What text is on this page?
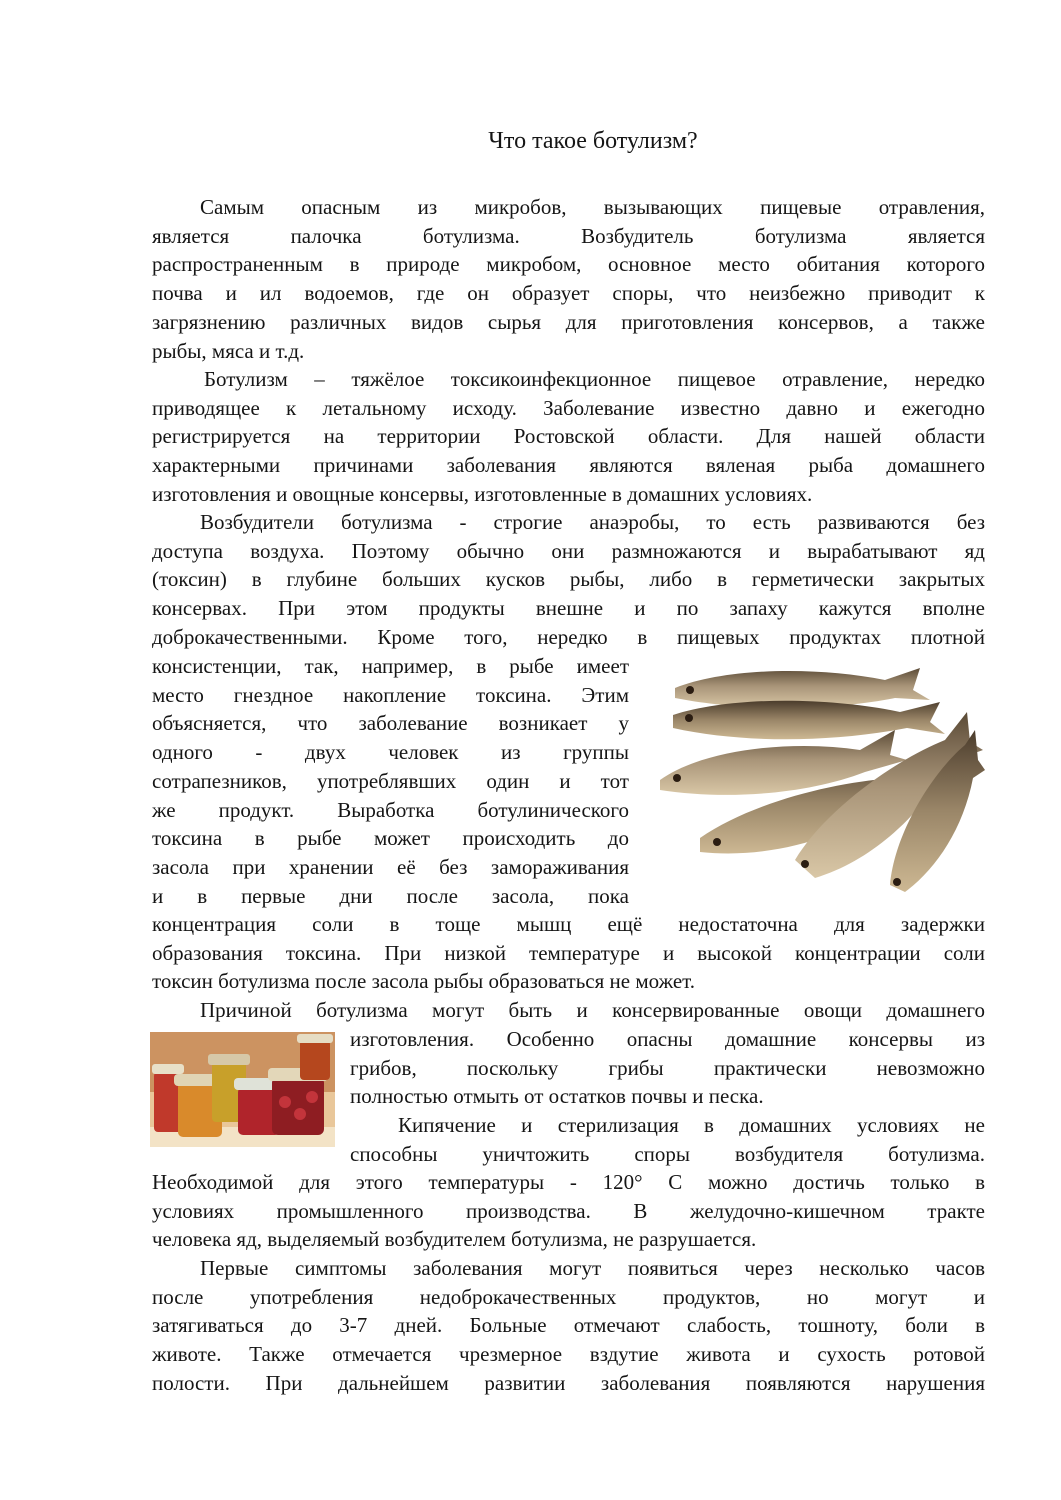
Что такое ботулизм?
Самым опасным из микробов, вызывающих пищевые отравления,
является палочка ботулизма. Возбудитель ботулизма является
распространенным в природе микробом, основное место обитания которого
почва и ил водоемов, где он образует споры, что неизбежно приводит к
загрязнению различных видов сырья для приготовления консервов, а также
рыбы, мяса и т.д.
Ботулизм – тяжёлое токсикоинфекционное пищевое отравление, нередко
приводящее к летальному исходу. Заболевание известно давно и ежегодно
регистрируется на территории Ростовской области. Для нашей области
характерными причинами заболевания являются вяленая рыба домашнего
изготовления и овощные консервы, изготовленные в домашних условиях.
Возбудители ботулизма - строгие анаэробы, то есть развиваются без
доступа воздуха. Поэтому обычно они размножаются и вырабатывают яд
(токсин) в глубине больших кусков рыбы, либо в герметически закрытых
консервах. При этом продукты внешне и по запаху кажутся вполне
доброкачественными. Кроме того, нередко в пищевых продуктах плотной
консистенции, так, например, в рыбе имеет
место гнездное накопление токсина. Этим
объясняется, что заболевание возникает у
одного - двух человек из группы
сотрапезников, употреблявших один и тот
же продукт. Выработка ботулинического
токсина в рыбе может происходить до
засола при хранении её без замораживания
и в первые дни после засола, пока
концентрация соли в тоще мышц ещё недостаточна для задержки
образования токсина. При низкой температуре и высокой концентрации соли
токсин ботулизма после засола рыбы образоваться не может.
Причиной ботулизма могут быть и консервированные овощи домашнего
изготовления. Особенно опасны домашние консервы из
грибов, поскольку грибы практически невозможно
полностью отмыть от остатков почвы и песка.
Кипячение и стерилизация в домашних условиях не
способны уничтожить споры возбудителя ботулизма.
Необходимой для этого температуры - 120° С можно достичь только в
условиях промышленного производства. В желудочно-кишечном тракте
человека яд, выделяемый возбудителем ботулизма, не разрушается.
Первые симптомы заболевания могут появиться через несколько часов
после употребления недоброкачественных продуктов, но могут и
затягиваться до 3-7 дней. Больные отмечают слабость, тошноту, боли в
животе. Также отмечается чрезмерное вздутие живота и сухость ротовой
полости. При дальнейшем развитии заболевания появляются нарушения
